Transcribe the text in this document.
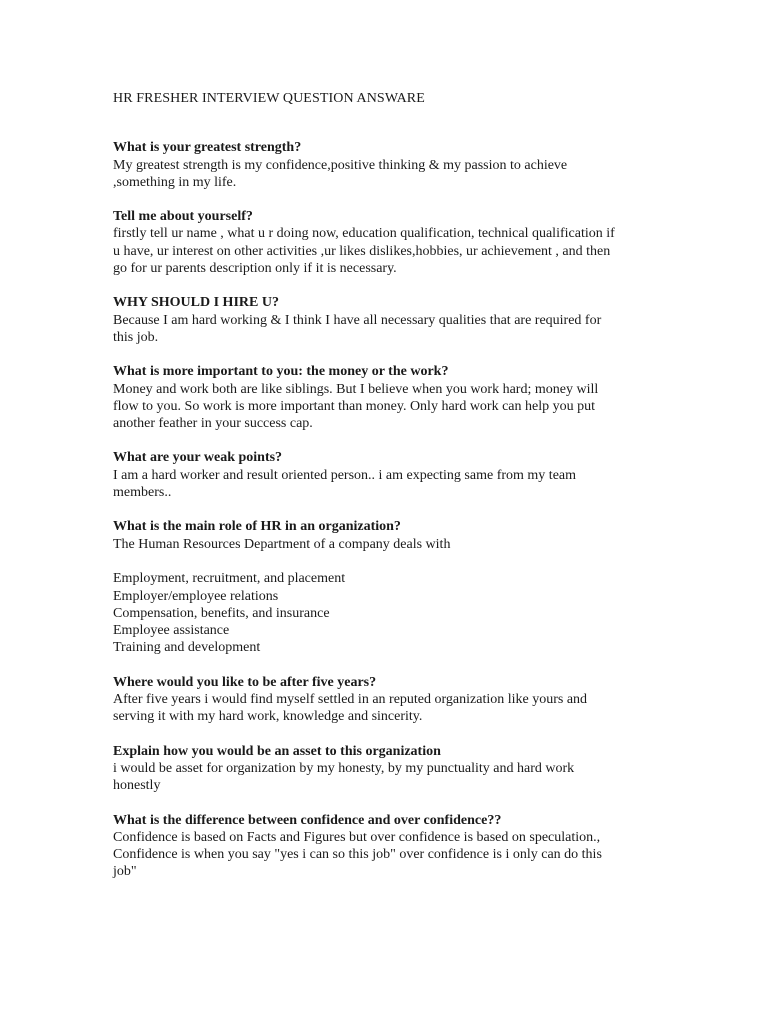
HR FRESHER INTERVIEW QUESTION ANSWARE

What is your greatest strength?

My greatest strength is my confidence,positive thinking & my passion to achieve

,something in my life.

Tell me about yourself?

firstly tell ur name , what u r doing now, education qualification, technical qualification if

u have, ur interest on other activities ,ur likes dislikes,hobbies, ur achievement , and then

go for ur parents description only if it is necessary.

WHY SHOULD I HIRE U?

Because I am hard working & I think I have all necessary qualities that are required for

this job.

What is more important to you: the money or the work?

Money and work both are like siblings. But I believe when you work hard; money will

flow to you. So work is more important than money. Only hard work can help you put

another feather in your success cap.

What are your weak points?

I am a hard worker and result oriented person.. i am expecting same from my team

members..

What is the main role of HR in an organization?

The Human Resources Department of a company deals with

Employment, recruitment, and placement

Employer/employee relations

Compensation, benefits, and insurance

Employee assistance

Training and development

Where would you like to be after five years?

After five years i would find myself settled in an reputed organization like yours and

serving it with my hard work, knowledge and sincerity.

Explain how you would be an asset to this organization

i would be asset for organization by my honesty, by my punctuality and hard work

honestly

What is the difference between confidence and over confidence??

Confidence is based on Facts and Figures but over confidence is based on speculation.,

Confidence is when you say "yes i can so this job" over confidence is i only can do this

job"
